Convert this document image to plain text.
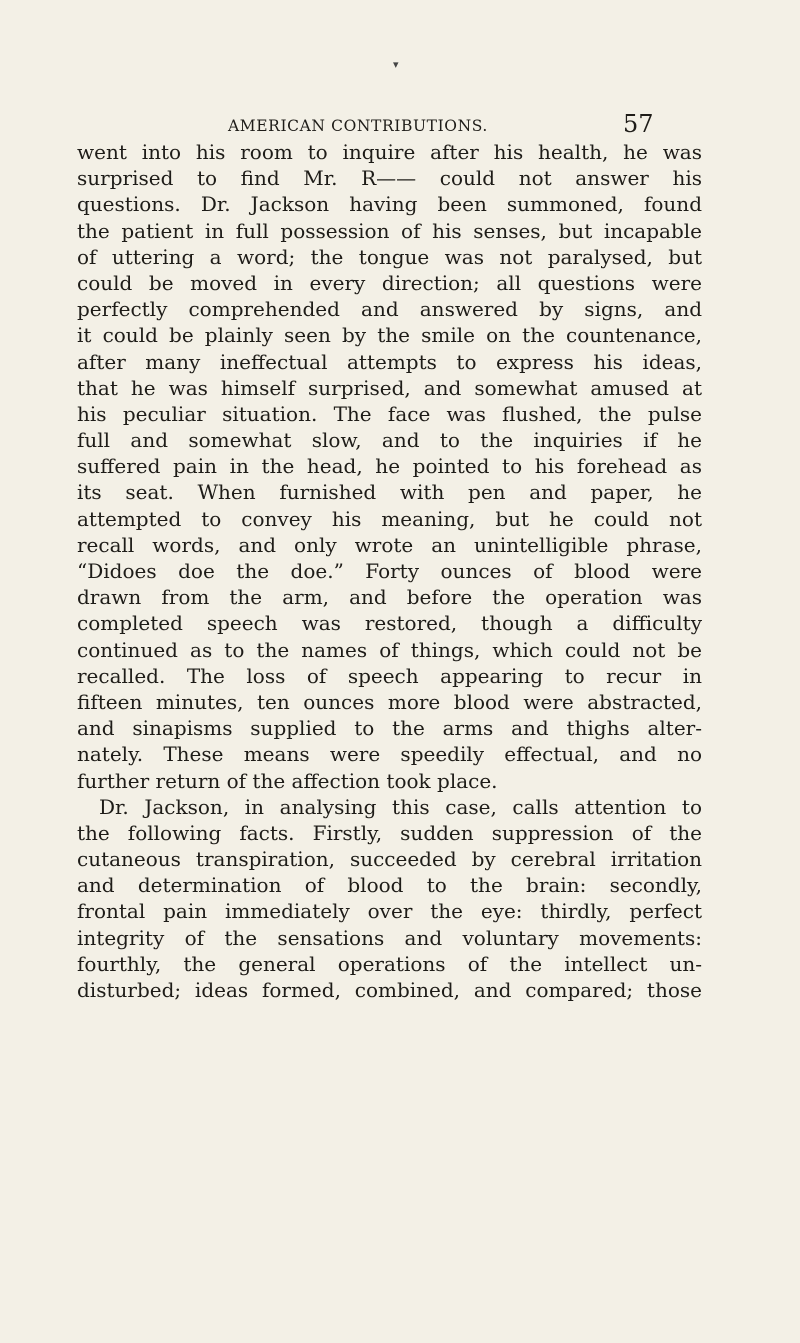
▾
AMERICAN CONTRIBUTIONS.	57
went into his room to inquire after his health, he was
surprised to find Mr. R—— could not answer his
questions. Dr. Jackson having been summoned, found
the patient in full possession of his senses, but incapable
of uttering a word; the tongue was not paralysed, but
could be moved in every direction; all questions were
perfectly comprehended and answered by signs, and
it could be plainly seen by the smile on the countenance,
after many ineffectual attempts to express his ideas,
that he was himself surprised, and somewhat amused at
his peculiar situation. The face was flushed, the pulse
full and somewhat slow, and to the inquiries if he
suffered pain in the head, he pointed to his forehead as
its seat. When furnished with pen and paper, he
attempted to convey his meaning, but he could not
recall words, and only wrote an unintelligible phrase,
“Didoes doe the doe.” Forty ounces of blood were
drawn from the arm, and before the operation was
completed speech was restored, though a difficulty
continued as to the names of things, which could not be
recalled. The loss of speech appearing to recur in
fifteen minutes, ten ounces more blood were abstracted,
and sinapisms supplied to the arms and thighs alter-
nately. These means were speedily effectual, and no
further return of the affection took place.
Dr. Jackson, in analysing this case, calls attention to
the following facts. Firstly, sudden suppression of the
cutaneous transpiration, succeeded by cerebral irritation
and determination of blood to the brain: secondly,
frontal pain immediately over the eye: thirdly, perfect
integrity of the sensations and voluntary movements:
fourthly, the general operations of the intellect un-
disturbed; ideas formed, combined, and compared; those
